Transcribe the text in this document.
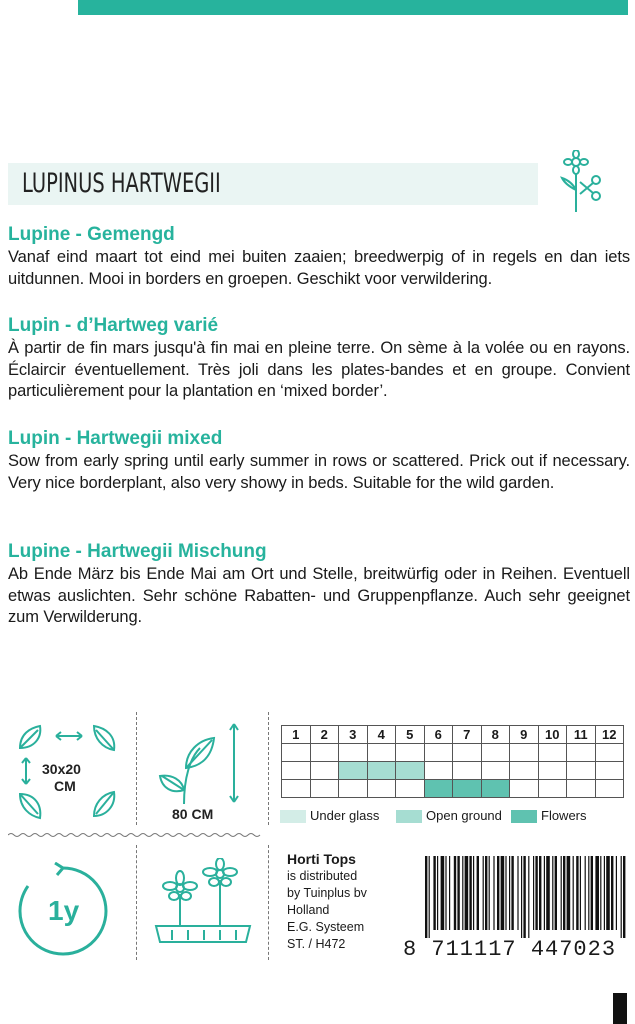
LUPINUS HARTWEGII

Lupine - Gemengd

Vanaf eind maart tot eind mei buiten zaaien; breedwerpig of in regels en dan iets uitdunnen. Mooi in borders en groepen. Geschikt voor verwildering.

Lupin - d’Hartweg varié

À partir de fin mars jusqu'à fin mai en pleine terre. On sème à la volée ou en rayons. Éclaircir éventuellement. Très joli dans les plates-bandes et en groupe. Convient particulièrement pour la plantation en ‘mixed border’.

Lupin - Hartwegii mixed

Sow from early spring until early summer in rows or scattered. Prick out if necessary. Very nice borderplant, also very showy in beds. Suitable for the wild garden.

Lupine - Hartwegii Mischung

Ab Ende März bis Ende Mai am Ort und Stelle, breitwürfig oder in Reihen. Eventuell etwas auslichten. Sehr schöne Rabatten- und Gruppenpflanze. Auch sehr geeignet zum Verwilderung.

30x20
CM
80 CM
1y
1	2	3	4	5	6	7	8	9	10	11	12

Under glass	Open ground	Flowers
Horti Tops
is distributed
by Tuinplus bv
Holland
E.G. Systeem
ST. / H472	8 711117 447023
